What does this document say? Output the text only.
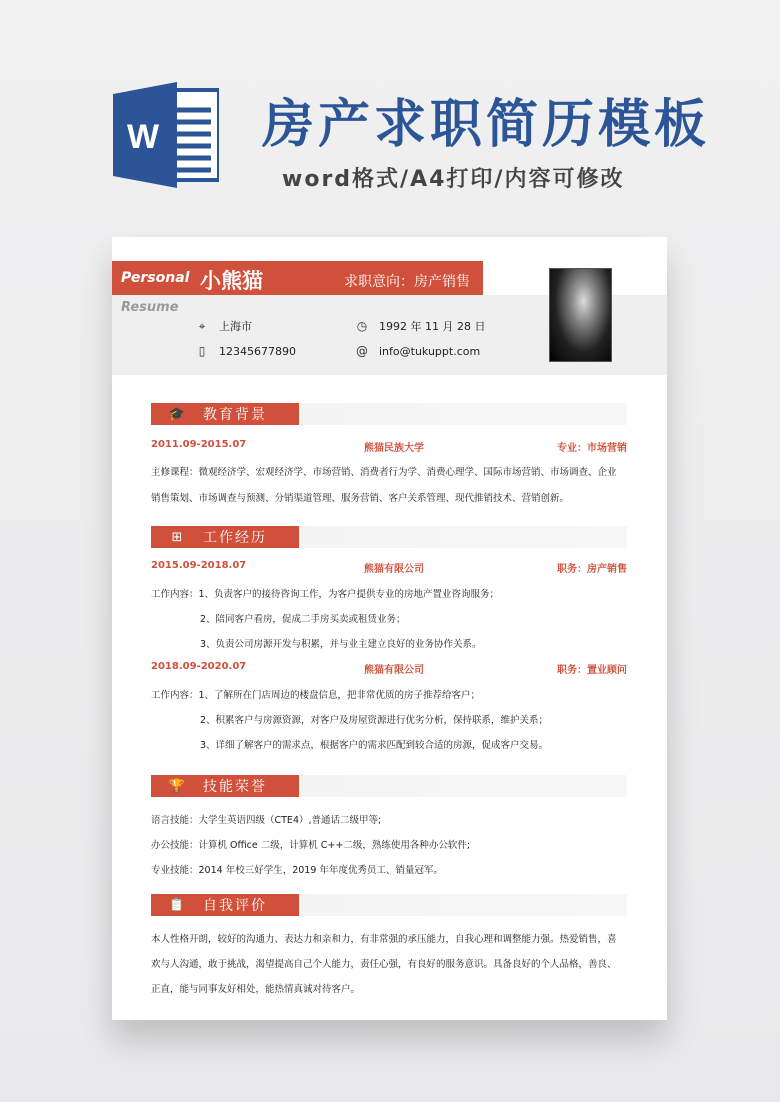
W 房产求职简历模板
word格式/A4打印/内容可修改
Personal 小熊猫	求职意向：房产销售
Resume
⌖	上海市
▯	12345677890
◷ 1992 年 11 月 28 日
@ info@tukuppt.com
🎓	教育背景
2011.09-2015.07	熊猫民族大学	专业：市场营销
主修课程：微观经济学、宏观经济学、市场营销、消费者行为学、消费心理学、国际市场营销、市场调查、企业
销售策划、市场调查与预测、分销渠道管理、服务营销、客户关系管理、现代推销技术、营销创新。
⊞	工作经历
2015.09-2018.07	熊猫有限公司	职务：房产销售
工作内容：1、负责客户的接待咨询工作，为客户提供专业的房地产置业咨询服务；
2、陪同客户看房，促成二手房买卖或租赁业务；
3、负责公司房源开发与积累，并与业主建立良好的业务协作关系。
2018.09-2020.07	熊猫有限公司	职务：置业顾问
工作内容：1、了解所在门店周边的楼盘信息，把非常优质的房子推荐给客户；
2、积累客户与房源资源，对客户及房屋资源进行优劣分析，保持联系，维护关系；
3、详细了解客户的需求点，根据客户的需求匹配到较合适的房源，促成客户交易。
🏆	技能荣誉
语言技能：大学生英语四级（CTE4）,普通话二级甲等;
办公技能：计算机 Office 二级，计算机 C++二级，熟练使用各种办公软件;
专业技能：2014 年校三好学生，2019 年年度优秀员工、销量冠军。
📋	自我评价
本人性格开朗，较好的沟通力、表达力和亲和力，有非常强的承压能力，自我心理和调整能力强。热爱销售，喜
欢与人沟通，敢于挑战，渴望提高自己个人能力，责任心强，有良好的服务意识。具备良好的个人品格，善良、
正直，能与同事友好相处，能热情真诚对待客户。
